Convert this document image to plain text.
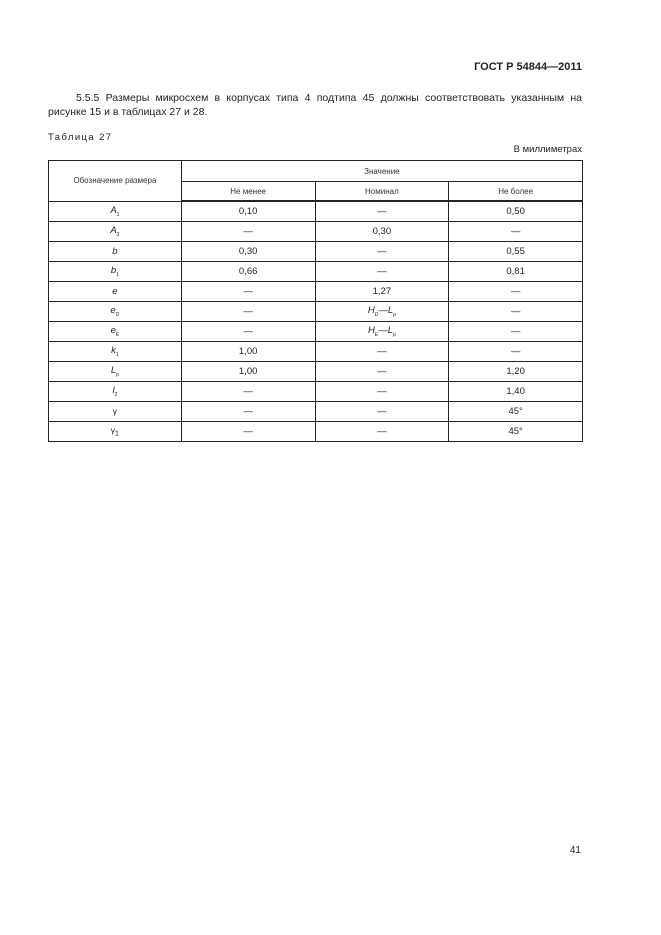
ГОСТ Р 54844—2011
5.5.5 Размеры микросхем в корпусах типа 4 подтипа 45 должны соответствовать указанным на рисунке 15 и в таблицах 27 и 28.
Таблица 27
В миллиметрах
Обозначение размера	Значение		
	Не менее	Номинал	Не более
$A_1$	0,10	—	0,50
$A_3$	—	0,30	—
b	0,30	—	0,55
$b_1$	0,66	—	0,81
e	—	1,27	—
$e_D$	—	$H_D—L_p$	—
$e_E$	—	$H_E—L_p$	—
$k_1$	1,00	—	—
$L_p$	1,00	—	1,20
$l_2$	—	—	1,40
γ	—	—	45°
$\gamma_1$	—	—	45°
41
